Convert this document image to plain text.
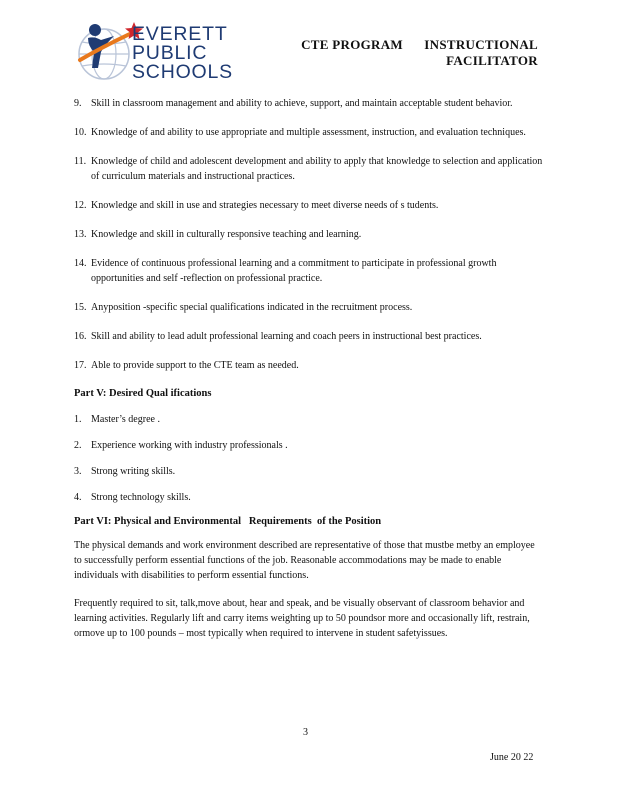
EVERETT
PUBLIC
SCHOOLS
CTE PROGRAM      INSTRUCTIONAL
FACILITATOR
9. Skill in classroom management and ability to achieve, support, and maintain acceptable student behavior.

10. Knowledge of and ability to use appropriate and multiple assessment, instruction, and evaluation techniques.

11. Knowledge of child and adolescent development and ability to apply that knowledge to selection and application of curriculum materials and instructional practices.

12. Knowledge and skill in use and strategies necessary to meet diverse needs of s tudents.

13. Knowledge and skill in culturally responsive teaching and learning.

14. Evidence of continuous professional learning and a commitment to participate in professional growth opportunities and self -reflection on professional practice.

15. Anyposition -specific special qualifications indicated in the recruitment process.

16. Skill and ability to lead adult professional learning and coach peers in instructional best practices.

17. Able to provide support to the CTE team as needed.

Part V: Desired Qual ifications

1. Master’s degree .

2. Experience working with industry professionals .

3. Strong writing skills.

4. Strong technology skills.

Part VI: Physical and Environmental   Requirements  of the Position

The physical demands and work environment described are representative of those that mustbe metby an employee to successfully perform essential functions of the job. Reasonable accommodations may be made to enable individuals with disabilities to perform essential functions.

Frequently required to sit, talk,move about, hear and speak, and be visually observant of classroom behavior and learning activities. Regularly lift and carry items weighting up to 50 poundsor more and occasionally lift, restrain, ormove up to 100 pounds – most typically when required to intervene in student safetyissues.

3
June 20 22
